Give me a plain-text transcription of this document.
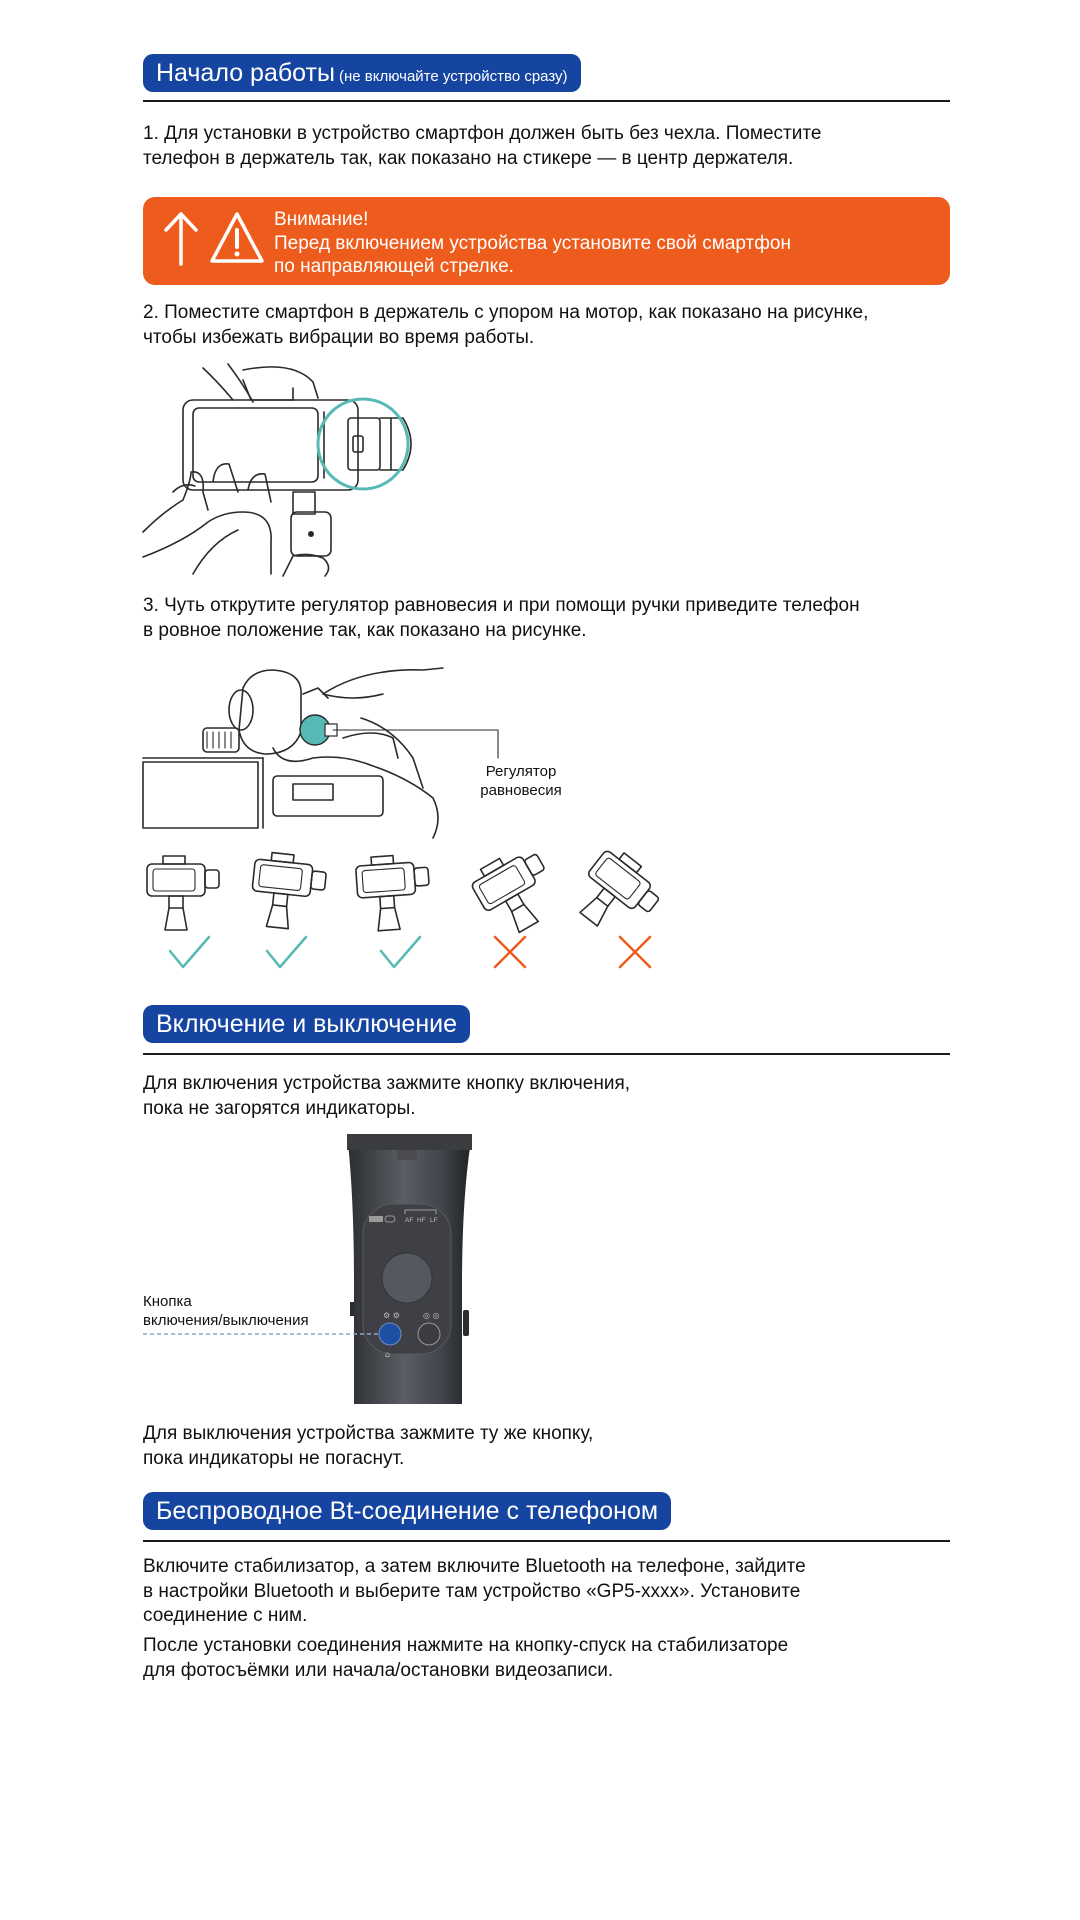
Начало работы (не включайте устройство сразу)
1. Для установки в устройство смартфон должен быть без чехла. Поместите
телефон в держатель так, как показано на стикере — в центр держателя.
Внимание!
Перед включением устройства установите свой смартфон
по направляющей стрелке.
2. Поместите смартфон в держатель с упором на мотор, как показано на рисунке,
чтобы избежать вибрации во время работы.
3. Чуть открутите регулятор равновесия и при помощи ручки приведите телефон
в ровное положение так, как показано на рисунке.
Регулятор
равновесия
Включение и выключение
Для включения устройства зажмите кнопку включения,
пока не загорятся индикаторы.
AF HF LF
⚙ ⚙	◎ ◎
⌂
Кнопка
включения/выключения
Для выключения устройства зажмите ту же кнопку,
пока индикаторы не погаснут.
Беспроводное Bt-соединение с телефоном
Включите стабилизатор, а затем включите Bluetooth на телефоне, зайдите
в настройки Bluetooth и выберите там устройство «GP5-xxxx». Установите
соединение с ним.
После установки соединения нажмите на кнопку-спуск на стабилизаторе
для фотосъёмки или начала/остановки видеозаписи.
